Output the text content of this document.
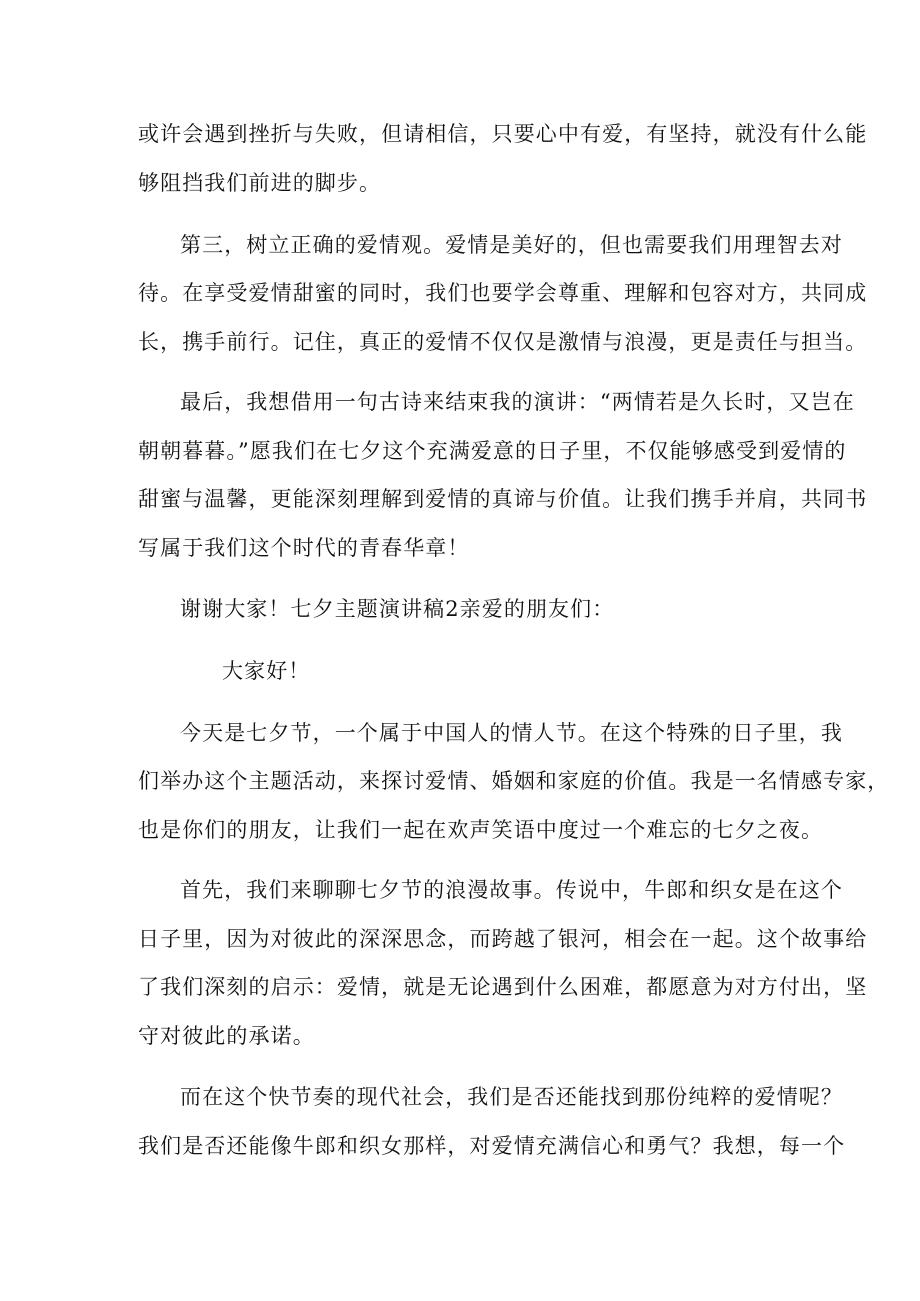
或许会遇到挫折与失败，但请相信，只要心中有爱，有坚持，就没有什么能
够阻挡我们前进的脚步。
第三，树立正确的爱情观。爱情是美好的，但也需要我们用理智去对
待。在享受爱情甜蜜的同时，我们也要学会尊重、理解和包容对方，共同成
长，携手前行。记住，真正的爱情不仅仅是激情与浪漫，更是责任与担当。
最后，我想借用一句古诗来结束我的演讲：“两情若是久长时，又岂在
朝朝暮暮。”愿我们在七夕这个充满爱意的日子里，不仅能够感受到爱情的
甜蜜与温馨，更能深刻理解到爱情的真谛与价值。让我们携手并肩，共同书
写属于我们这个时代的青春华章！
谢谢大家！七夕主题演讲稿2亲爱的朋友们：
大家好！
今天是七夕节，一个属于中国人的情人节。在这个特殊的日子里，我
们举办这个主题活动，来探讨爱情、婚姻和家庭的价值。我是一名情感专家，
也是你们的朋友，让我们一起在欢声笑语中度过一个难忘的七夕之夜。
首先，我们来聊聊七夕节的浪漫故事。传说中，牛郎和织女是在这个
日子里，因为对彼此的深深思念，而跨越了银河，相会在一起。这个故事给
了我们深刻的启示：爱情，就是无论遇到什么困难，都愿意为对方付出，坚
守对彼此的承诺。
而在这个快节奏的现代社会，我们是否还能找到那份纯粹的爱情呢？
我们是否还能像牛郎和织女那样，对爱情充满信心和勇气？我想，每一个
